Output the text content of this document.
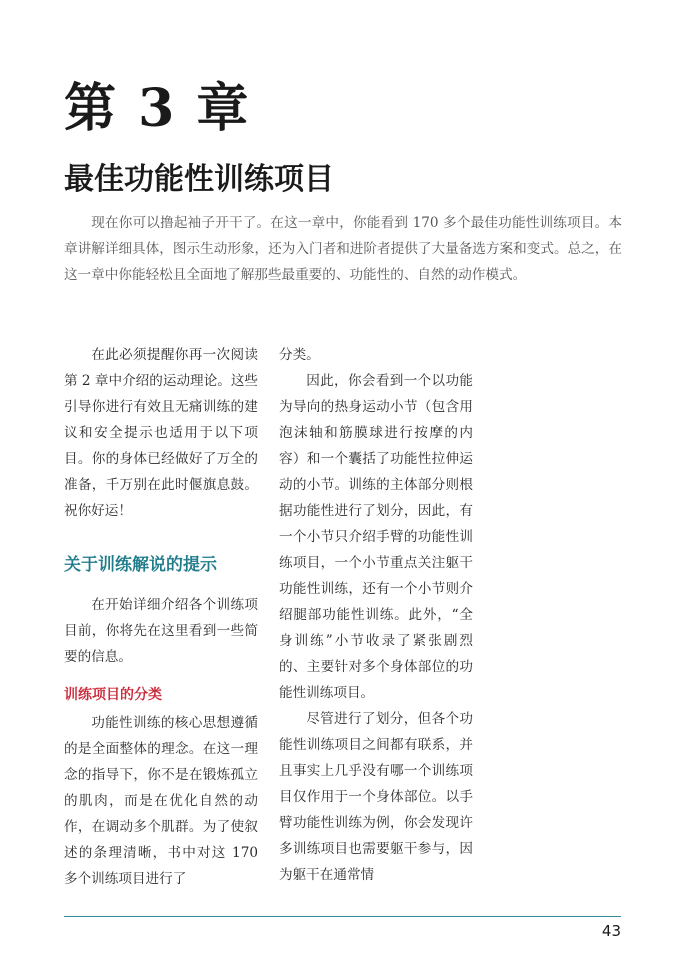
第 3 章
最佳功能性训练项目

现在你可以撸起袖子开干了。在这一章中，你能看到 170 多个最佳功能性训练项目。本章讲解详细具体，图示生动形象，还为入门者和进阶者提供了大量备选方案和变式。总之，在这一章中你能轻松且全面地了解那些最重要的、功能性的、自然的动作模式。

在此必须提醒你再一次阅读第 2 章中介绍的运动理论。这些引导你进行有效且无痛训练的建议和安全提示也适用于以下项目。你的身体已经做好了万全的准备，千万别在此时偃旗息鼓。祝你好运！

关于训练解说的提示

在开始详细介绍各个训练项目前，你将先在这里看到一些简要的信息。

训练项目的分类

功能性训练的核心思想遵循的是全面整体的理念。在这一理念的指导下，你不是在锻炼孤立的肌肉，而是在优化自然的动作，在调动多个肌群。为了使叙述的条理清晰，书中对这 170 多个训练项目进行了

分类。

因此，你会看到一个以功能为导向的热身运动小节（包含用泡沫轴和筋膜球进行按摩的内容）和一个囊括了功能性拉伸运动的小节。训练的主体部分则根据功能性进行了划分，因此，有一个小节只介绍手臂的功能性训练项目，一个小节重点关注躯干功能性训练，还有一个小节则介绍腿部功能性训练。此外，“全身训练”小节收录了紧张剧烈的、主要针对多个身体部位的功能性训练项目。

尽管进行了划分，但各个功能性训练项目之间都有联系，并且事实上几乎没有哪一个训练项目仅作用于一个身体部位。以手臂功能性训练为例，你会发现许多训练项目也需要躯干参与，因为躯干在通常情

43
